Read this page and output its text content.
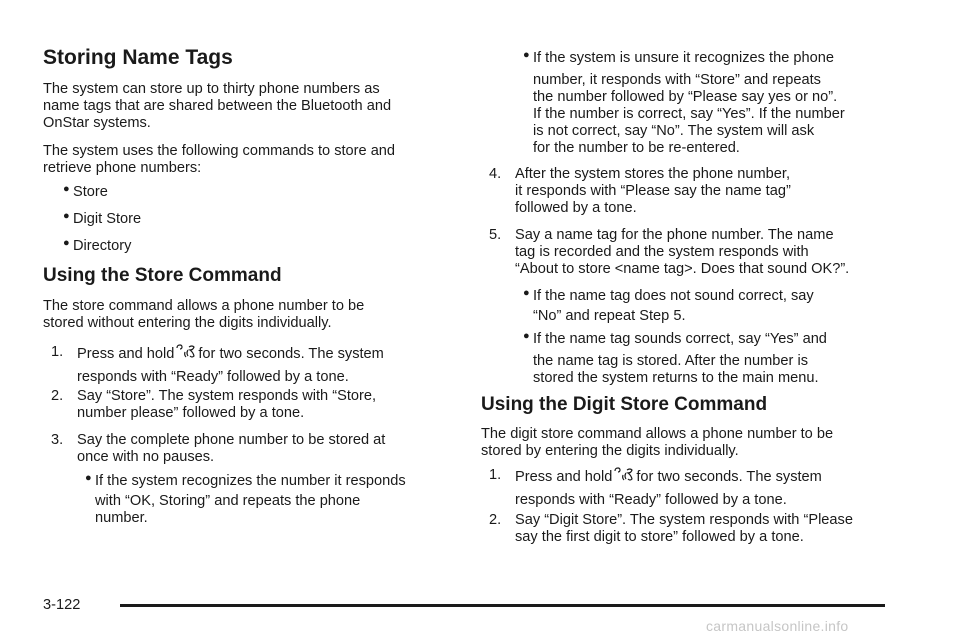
Storing Name Tags

The system can store up to thirty phone numbers as
name tags that are shared between the Bluetooth and
OnStar systems.

The system uses the following commands to store and
retrieve phone numbers:

● Store

● Digit Store

● Directory

Using the Store Command

The store command allows a phone number to be
stored without entering the digits individually.

1. Press and hold for two seconds. The system
responds with “Ready” followed by a tone.
2. Say “Store”. The system responds with “Store,
number please” followed by a tone.
3. Say the complete phone number to be stored at
once with no pauses.

● If the system recognizes the number it responds
with “OK, Storing” and repeats the phone
number.

● If the system is unsure it recognizes the phone
number, it responds with “Store” and repeats
the number followed by “Please say yes or no”.
If the number is correct, say “Yes”. If the number
is not correct, say “No”. The system will ask
for the number to be re-entered.

4. After the system stores the phone number,
it responds with “Please say the name tag”
followed by a tone.
5. Say a name tag for the phone number. The name
tag is recorded and the system responds with
“About to store <name tag>. Does that sound OK?”.

● If the name tag does not sound correct, say
“No” and repeat Step 5.

● If the name tag sounds correct, say “Yes” and
the name tag is stored. After the number is
stored the system returns to the main menu.

Using the Digit Store Command

The digit store command allows a phone number to be
stored by entering the digits individually.

1. Press and hold for two seconds. The system
responds with “Ready” followed by a tone.
2. Say “Digit Store”. The system responds with “Please
say the first digit to store” followed by a tone.
3-122
carmanualsonline.info
